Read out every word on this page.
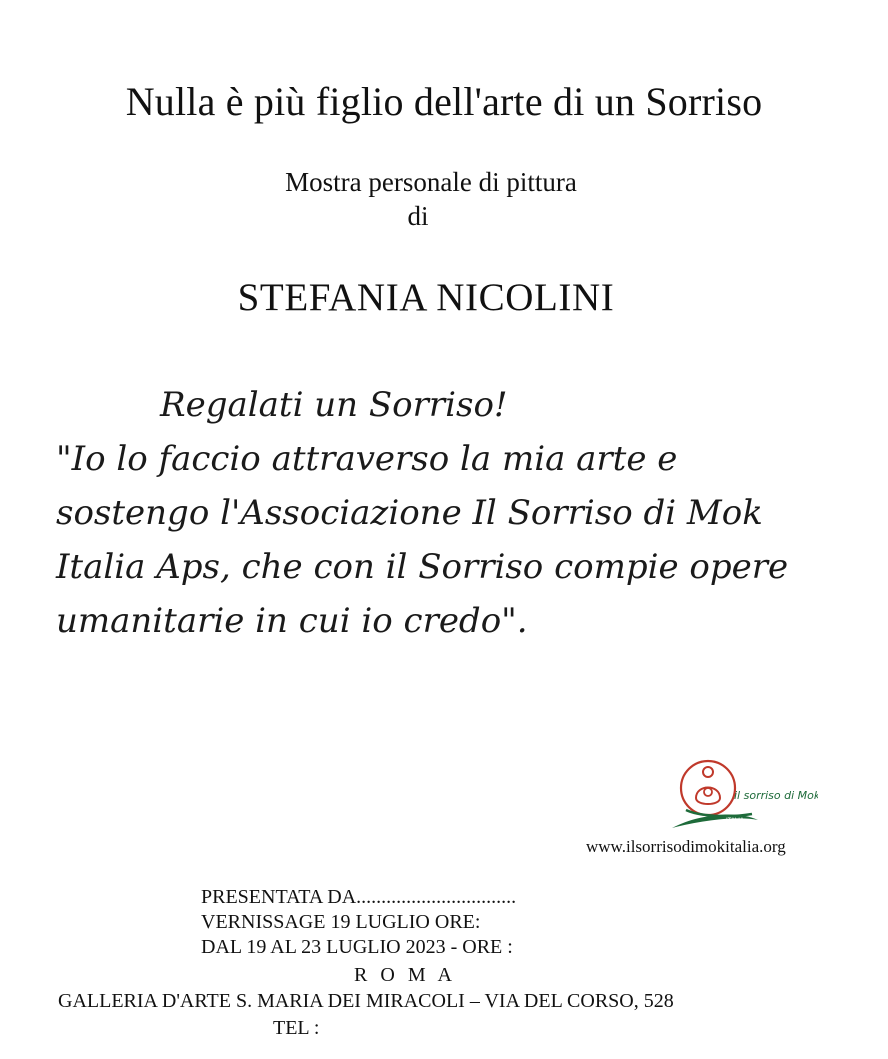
Nulla è più figlio dell'arte di un Sorriso
Mostra personale di pittura
di
STEFANIA NICOLINI
Regalati un Sorriso!
"Io lo faccio attraverso la mia arte e sostengo l'Associazione Il Sorriso di Mok Italia Aps, che con il Sorriso compie opere umanitarie in cui io credo".
ITALIA
il sorriso di Mok
www.ilsorrisodimokitalia.org
PRESENTATA DA................................
VERNISSAGE 19 LUGLIO ORE:
DAL 19 AL 23 LUGLIO 2023 - ORE :
R O M A
GALLERIA D'ARTE S. MARIA DEI MIRACOLI – VIA DEL CORSO, 528
TEL :
